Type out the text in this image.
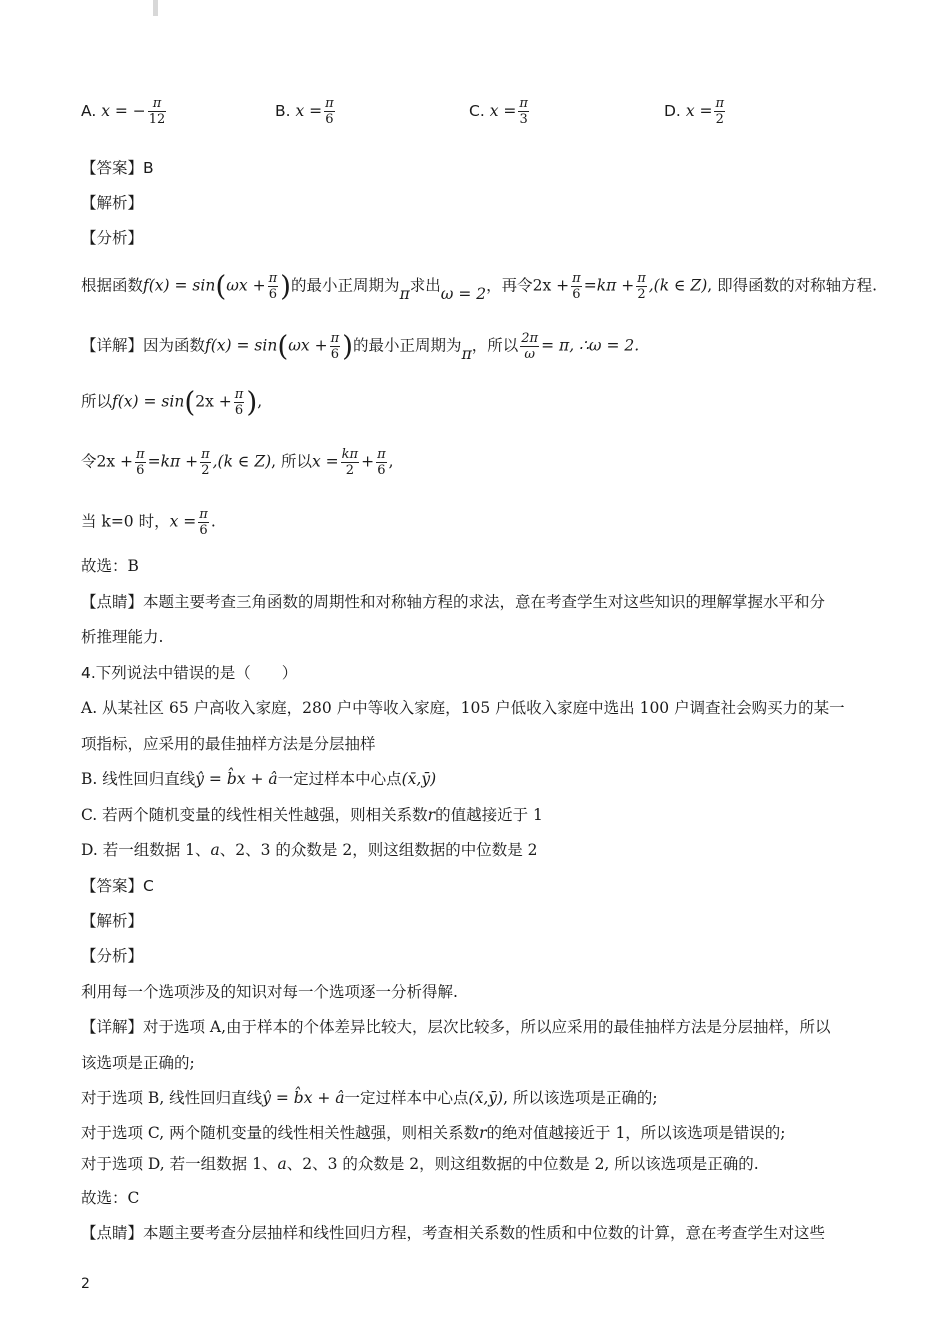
A. x = − $\frac{\pi}{12}$	B. $x = \frac{\pi}{6}$	C. $x = \frac{\pi}{3}$	D. $x = \frac{\pi}{2}$
【答案】B
【解析】
【分析】
根据函数$f(x) = \sin(\omega x + \frac{\pi}{6}$ )的最小正周期为π求出ω = 2，再令$2x + \frac{\pi}{6} =k\pi + \frac{\pi}{2} ,(k$ ∈ Z), 即得函数的对称轴方程.
【详解】因为函数$f(x) = \sin(\omega x + \frac{\pi}{6}$ )的最小正周期为π，所以 $\frac{2\pi}{\omega} = \pi$, ∴ω = 2.
所以$f(x) = \sin(2x + \frac{\pi}{6}$ ),
令$2x + \frac{\pi}{6} =k\pi + \frac{\pi}{2} ,(k$ ∈ Z), 所以$x = \frac{k\pi}{2} + \frac{\pi}{6}$ ,
当 k=0 时，$x = \frac{\pi}{6}$ .
故选：B
【点睛】本题主要考查三角函数的周期性和对称轴方程的求法，意在考查学生对这些知识的理解掌握水平和分
析推理能力.
4.下列说法中错误的是（　　）
A. 从某社区 65 户高收入家庭，280 户中等收入家庭，105 户低收入家庭中选出 100 户调查社会购买力的某一
项指标，应采用的最佳抽样方法是分层抽样
B. 线性回归直线ŷ = b̂x + â一定过样本中心点(x̄,ȳ)
C. 若两个随机变量的线性相关性越强，则相关系数r的值越接近于 1
D. 若一组数据 1、a、2、3 的众数是 2，则这组数据的中位数是 2
【答案】C
【解析】
【分析】
利用每一个选项涉及的知识对每一个选项逐一分析得解.
【详解】对于选项 A,由于样本的个体差异比较大，层次比较多，所以应采用的最佳抽样方法是分层抽样，所以
该选项是正确的;
对于选项 B, 线性回归直线ŷ = b̂x + â一定过样本中心点(x̄,ȳ), 所以该选项是正确的;
对于选项 C, 两个随机变量的线性相关性越强，则相关系数r的绝对值越接近于 1，所以该选项是错误的;
对于选项 D, 若一组数据 1、a、2、3 的众数是 2，则这组数据的中位数是 2, 所以该选项是正确的.
故选：C
【点睛】本题主要考查分层抽样和线性回归方程，考查相关系数的性质和中位数的计算，意在考查学生对这些
2
